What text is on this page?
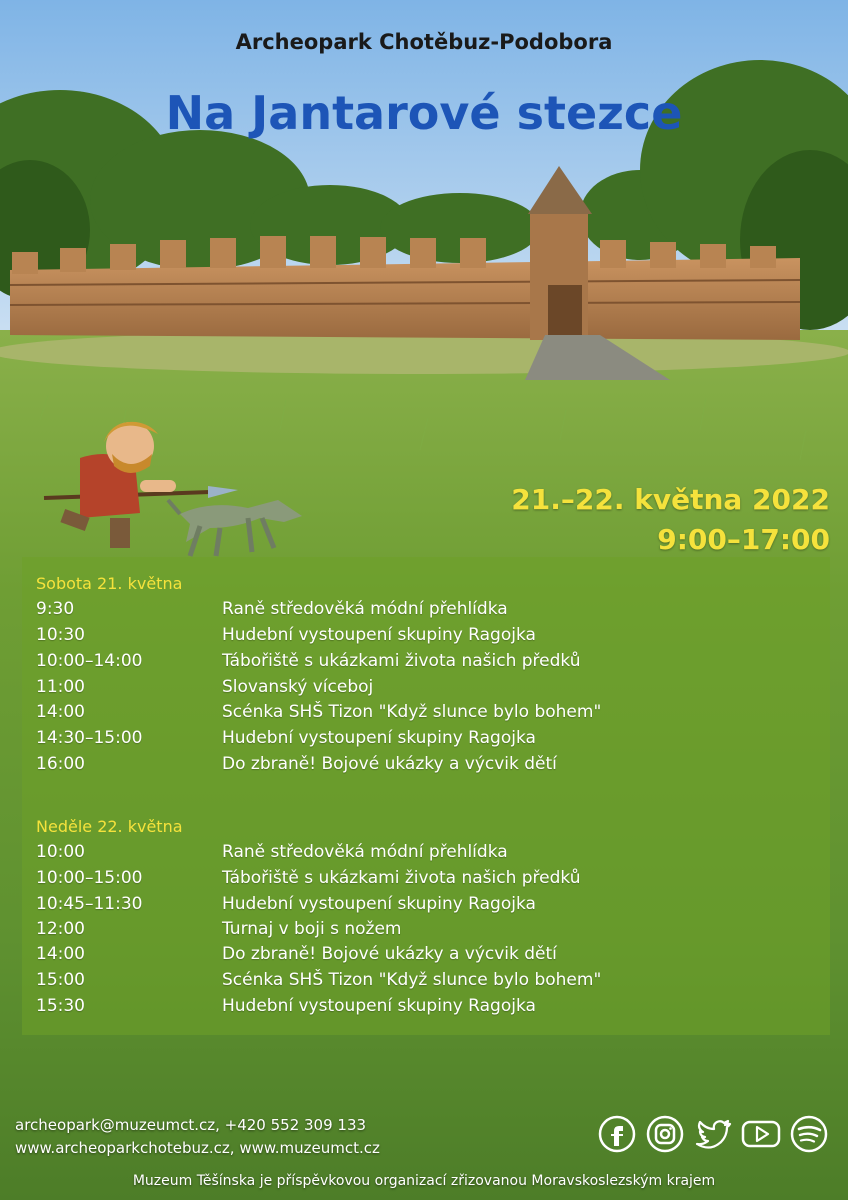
Archeopark Chotěbuz-Podobora
Na Jantarové stezce
21.–22. května 2022
9:00–17:00
Sobota 21. května
9:30	Raně středověká módní přehlídka
10:30	Hudební vystoupení skupiny Ragojka
10:00–14:00	Tábořiště s ukázkami života našich předků
11:00	Slovanský víceboj
14:00	Scénka SHŠ Tizon "Když slunce bylo bohem"
14:30–15:00	Hudební vystoupení skupiny Ragojka
16:00	Do zbraně! Bojové ukázky a výcvik dětí
Neděle 22. května
10:00	Raně středověká módní přehlídka
10:00–15:00	Tábořiště s ukázkami života našich předků
10:45–11:30	Hudební vystoupení skupiny Ragojka
12:00	Turnaj v boji s nožem
14:00	Do zbraně! Bojové ukázky a výcvik dětí
15:00	Scénka SHŠ Tizon "Když slunce bylo bohem"
15:30	Hudební vystoupení skupiny Ragojka
archeopark@muzeumct.cz, +420 552 309 133
www.archeoparkchotebuz.cz, www.muzeumct.cz
Muzeum Těšínska je příspěvkovou organizací zřizovanou Moravskoslezským krajem
